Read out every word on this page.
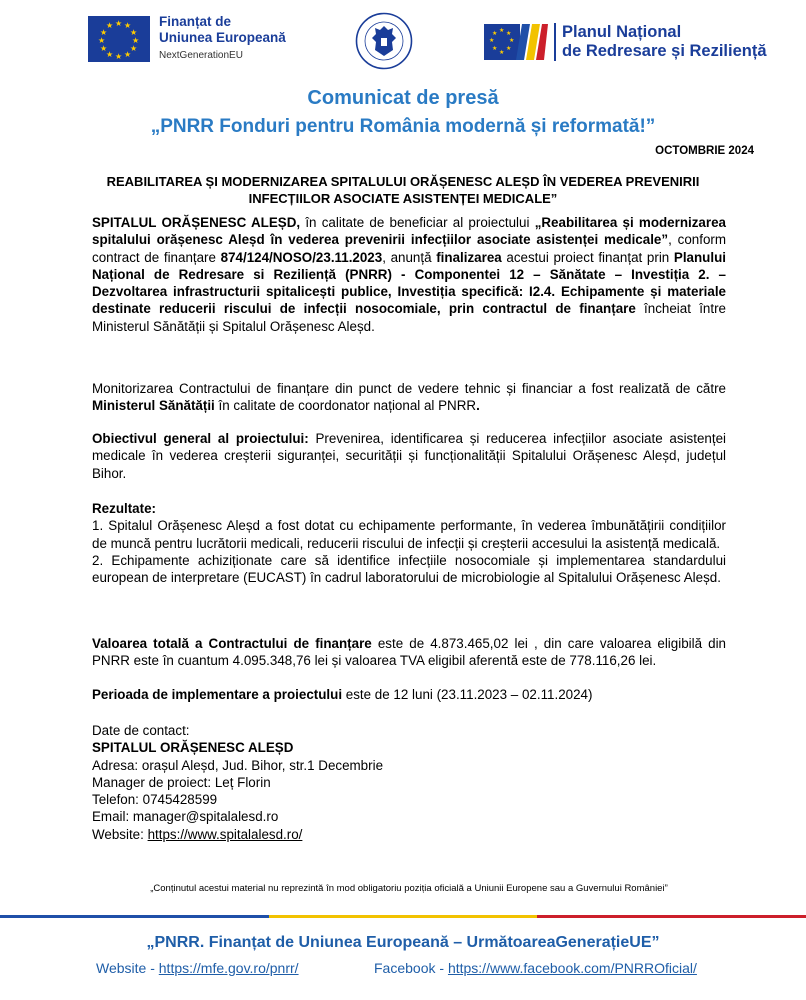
★ ★
★
★
★
★
★
★
★
★
★
★	Finanțat de
Uniunea Europeană
NextGenerationEU
★ ★
★
★
★
★
★
★	Planul Național
de Redresare și Reziliență
Comunicat de presă
„PNRR Fonduri pentru România modernă și reformată!”
OCTOMBRIE 2024
REABILITAREA ȘI MODERNIZAREA SPITALULUI ORĂȘENESC ALEȘD ÎN VEDEREA PREVENIRII INFECȚIILOR ASOCIATE ASISTENȚEI MEDICALE”
SPITALUL ORĂȘENESC ALEȘD, în calitate de beneficiar al proiectului „Reabilitarea și modernizarea spitalului orășenesc Aleșd în vederea prevenirii infecțiilor asociate asistenței medicale”, conform contract de finanțare 874/124/NOSO/23.11.2023, anunță finalizarea acestui proiect finanțat prin Planului Național de Redresare si Reziliență (PNRR) - Componentei 12 – Sănătate – Investiția 2. – Dezvoltarea infrastructurii spitalicești publice, Investiția specifică: I2.4. Echipamente și materiale destinate reducerii riscului de infecții nosocomiale, prin contractul de finanțare încheiat între Ministerul Sănătății și Spitalul Orășenesc Aleșd.
Monitorizarea Contractului de finanțare din punct de vedere tehnic și financiar a fost realizată de către Ministerul Sănătății în calitate de coordonator național al PNRR.
Obiectivul general al proiectului: Prevenirea, identificarea și reducerea infecțiilor asociate asistenței medicale în vederea creșterii siguranței, securității și funcționalității Spitalului Orășenesc Aleșd, județul Bihor.
Rezultate:
1. Spitalul Orășenesc Aleșd a fost dotat cu echipamente performante, în vederea îmbunătățirii condițiilor de muncă pentru lucrătorii medicali, reducerii riscului de infecții și creșterii accesului la asistență medicală.
2. Echipamente achiziționate care să identifice infecțiile nosocomiale și implementarea standardului european de interpretare (EUCAST) în cadrul laboratorului de microbiologie al Spitalului Orășenesc Aleșd.
Valoarea totală a Contractului de finanțare este de 4.873.465,02 lei , din care valoarea eligibilă din PNRR este în cuantum 4.095.348,76 lei și valoarea TVA eligibil aferentă este de 778.116,26 lei.
Perioada de implementare a proiectului este de 12 luni (23.11.2023 – 02.11.2024)
Date de contact:
SPITALUL ORĂȘENESC ALEȘD
Adresa: orașul Aleșd, Jud. Bihor, str.1 Decembrie
Manager de proiect: Leț Florin
Telefon: 0745428599
Email: manager@spitalalesd.ro
Website: https://www.spitalalesd.ro/
„Conținutul acestui material nu reprezintă în mod obligatoriu poziția oficială a Uniunii Europene sau a Guvernului României”
„PNRR. Finanțat de Uniunea Europeană – UrmătoareaGenerațieUE”
Website - https://mfe.gov.ro/pnrr/	Facebook - https://www.facebook.com/PNRROficial/
